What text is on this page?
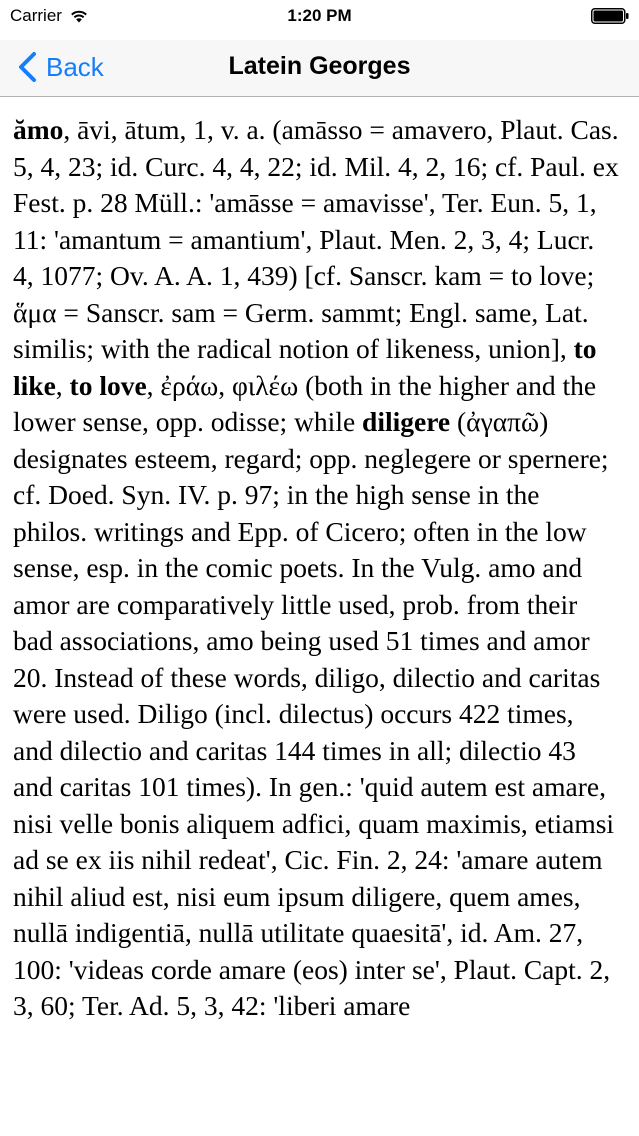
Carrier	1:20 PM
Back	Latein Georges
ămo, āvi, ātum, 1, v. a. (amāsso = amavero, Plaut. Cas. 5, 4, 23; id. Curc. 4, 4, 22; id. Mil. 4, 2, 16; cf. Paul. ex Fest. p. 28 Müll.: 'amāsse = amavisse', Ter. Eun. 5, 1, 11: 'amantum = amantium', Plaut. Men. 2, 3, 4; Lucr. 4, 1077; Ov. A. A. 1, 439) [cf. Sanscr. kam = to love; ἅμα = Sanscr. sam = Germ. sammt; Engl. same, Lat. similis; with the radical notion of likeness, union], to like, to love, ἐράω, φιλέω (both in the higher and the lower sense, opp. odisse; while diligere (ἀγαπῶ) designates esteem, regard; opp. neglegere or spernere; cf. Doed. Syn. IV. p. 97; in the high sense in the philos. writings and Epp. of Cicero; often in the low sense, esp. in the comic poets. In the Vulg. amo and amor are comparatively little used, prob. from their bad associations, amo being used 51 times and amor 20. Instead of these words, diligo, dilectio and caritas were used. Diligo (incl. dilectus) occurs 422 times, and dilectio and caritas 144 times in all; dilectio 43 and caritas 101 times). In gen.: 'quid autem est amare, nisi velle bonis aliquem adfici, quam maximis, etiamsi ad se ex iis nihil redeat', Cic. Fin. 2, 24: 'amare autem nihil aliud est, nisi eum ipsum diligere, quem ames, nullā indigentiā, nullā utilitate quaesitā', id. Am. 27, 100: 'videas corde amare (eos) inter se', Plaut. Capt. 2, 3, 60; Ter. Ad. 5, 3, 42: 'liberi amare
